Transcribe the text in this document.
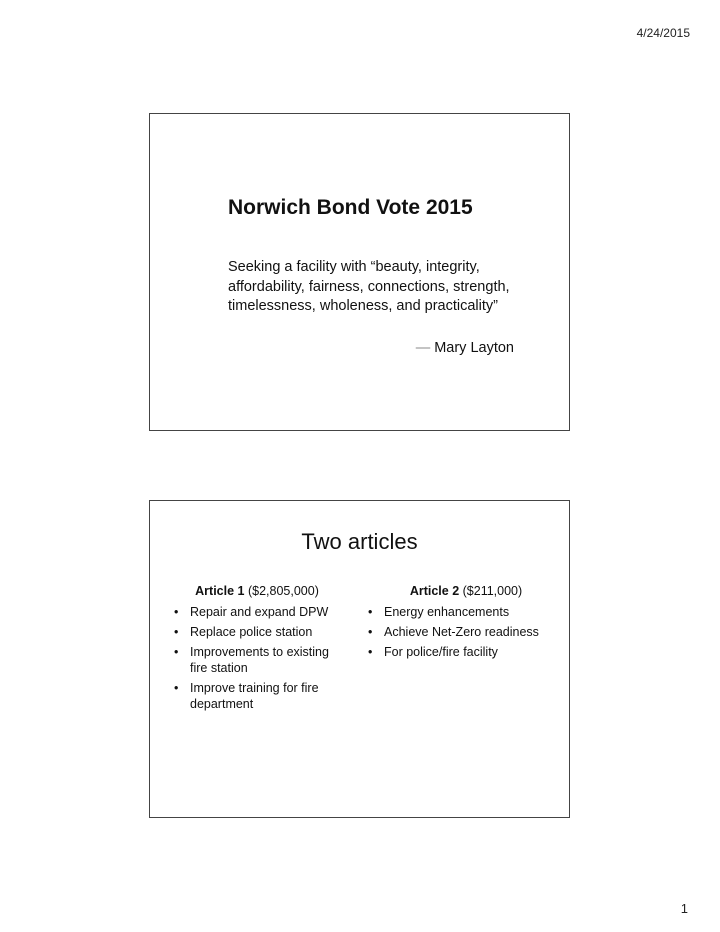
4/24/2015
Norwich Bond Vote 2015
Seeking a facility with “beauty, integrity, affordability, fairness, connections, strength, timelessness, wholeness, and practicality”
— Mary Layton
Two articles
Article 1 ($2,805,000)
• Repair and expand DPW
• Replace police station
• Improvements to existing fire station
• Improve training for fire department
Article 2 ($211,000)
• Energy enhancements
• Achieve Net-Zero readiness
• For police/fire facility
1
